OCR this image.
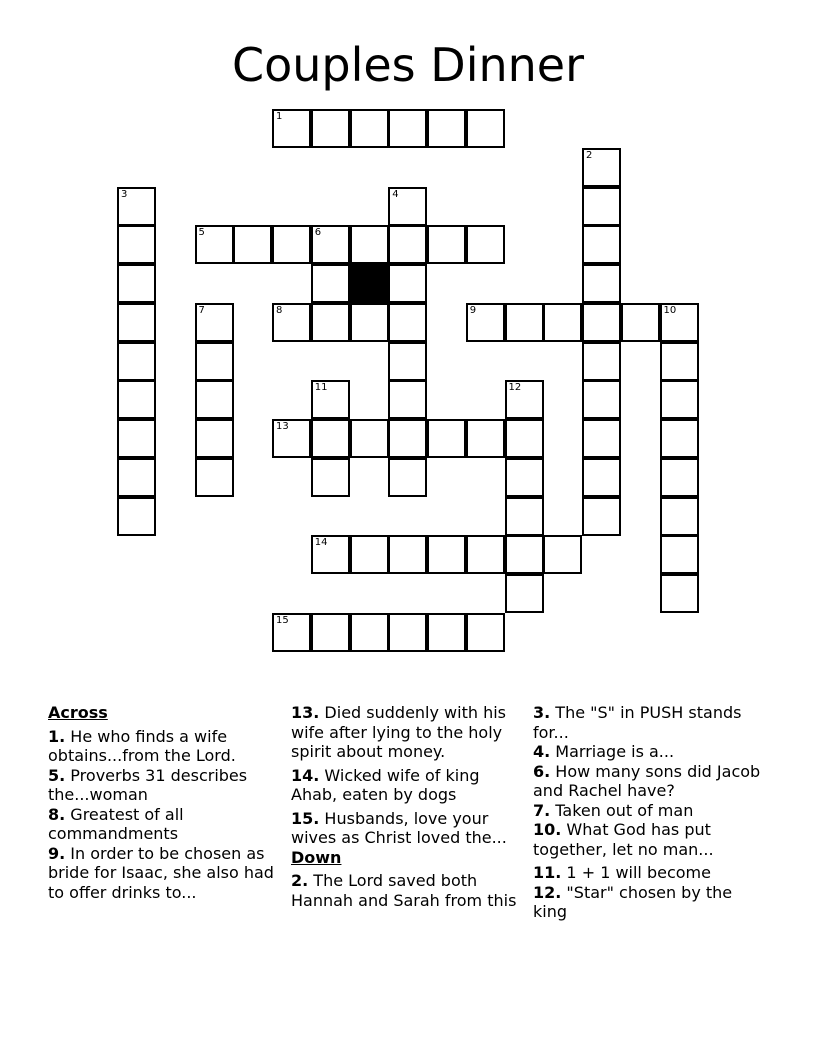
Couples Dinner
1
2
3	4
5	6
7	8	9	10
11	12
13
14
15
Across
1. He who finds a wife obtains...from the Lord.
5. Proverbs 31 describes the...woman
8. Greatest of all commandments
9. In order to be chosen as bride for Isaac, she also had to offer drinks to...
13. Died suddenly with his wife after lying to the holy spirit about money.
14. Wicked wife of king Ahab, eaten by dogs
15. Husbands, love your wives as Christ loved the...
Down
2. The Lord saved both Hannah and Sarah from this
3. The "S" in PUSH stands for...
4. Marriage is a...
6. How many sons did Jacob and Rachel have?
7. Taken out of man
10. What God has put together, let no man...
11. 1 + 1 will become
12. "Star" chosen by the king
